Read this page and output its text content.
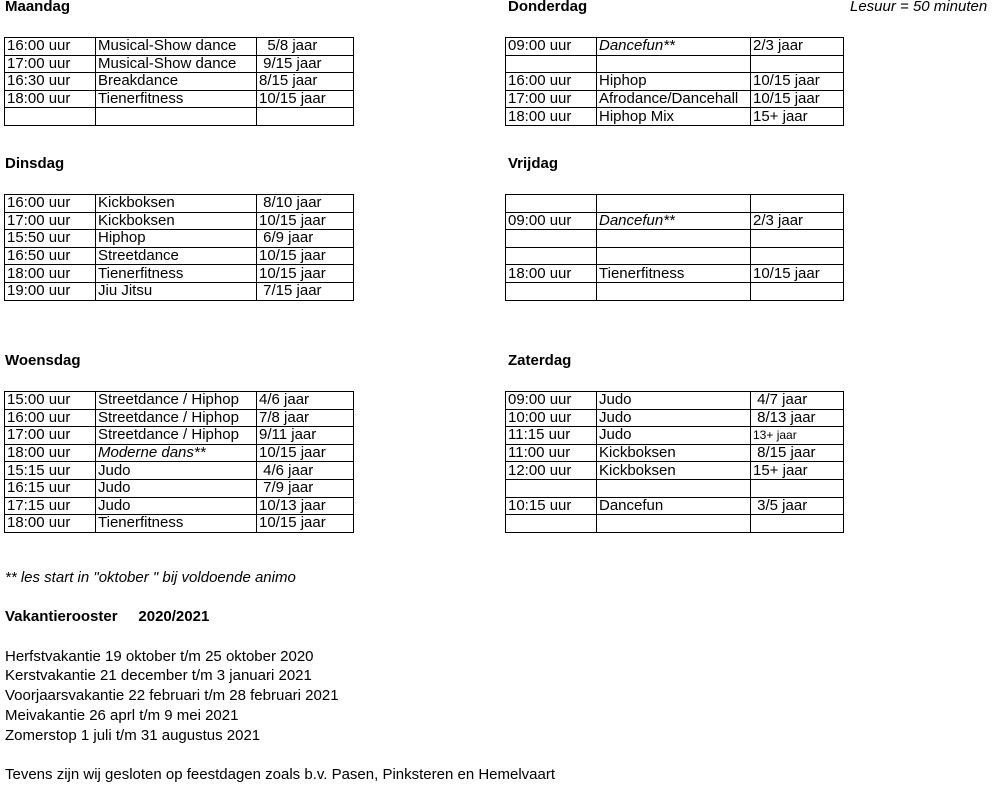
Lesuur = 50 minuten
Maandag
16:00 uur	Musical-Show dance	5/8 jaar
17:00 uur	Musical-Show dance	9/15 jaar
16:30 uur	Breakdance	8/15 jaar
18:00 uur	Tienerfitness	10/15 jaar

Donderdag
09:00 uur	Dancefun**	2/3 jaar

16:00 uur	Hiphop	10/15 jaar
17:00 uur	Afrodance/Dancehall	10/15 jaar
18:00 uur	Hiphop Mix	15+ jaar
Dinsdag
16:00 uur	Kickboksen	8/10 jaar
17:00 uur	Kickboksen	10/15 jaar
15:50 uur	Hiphop	6/9 jaar
16:50 uur	Streetdance	10/15 jaar
18:00 uur	Tienerfitness	10/15 jaar
19:00 uur	Jiu Jitsu	7/15 jaar
Vrijdag

09:00 uur	Dancefun**	2/3 jaar

18:00 uur	Tienerfitness	10/15 jaar

Woensdag
15:00 uur	Streetdance / Hiphop	4/6 jaar
16:00 uur	Streetdance / Hiphop	7/8 jaar
17:00 uur	Streetdance / Hiphop	9/11 jaar
18:00 uur	Moderne dans**	10/15 jaar
15:15 uur	Judo	4/6 jaar
16:15 uur	Judo	7/9 jaar
17:15 uur	Judo	10/13 jaar
18:00 uur	Tienerfitness	10/15 jaar
Zaterdag
09:00 uur	Judo	4/7 jaar
10:00 uur	Judo	8/13 jaar
11:15 uur	Judo	13+ jaar
11:00 uur	Kickboksen	8/15 jaar
12:00 uur	Kickboksen	15+ jaar

10:15 uur	Dancefun	3/5 jaar

** les start in "oktober " bij voldoende animo
Vakantierooster     2020/2021
Herfstvakantie 19 oktober t/m 25 oktober 2020
Kerstvakantie 21 december t/m 3 januari 2021
Voorjaarsvakantie 22 februari t/m 28 februari 2021
Meivakantie 26 aprl t/m 9 mei 2021
Zomerstop 1 juli t/m 31 augustus 2021
Tevens zijn wij gesloten op feestdagen zoals b.v. Pasen, Pinksteren en Hemelvaart
